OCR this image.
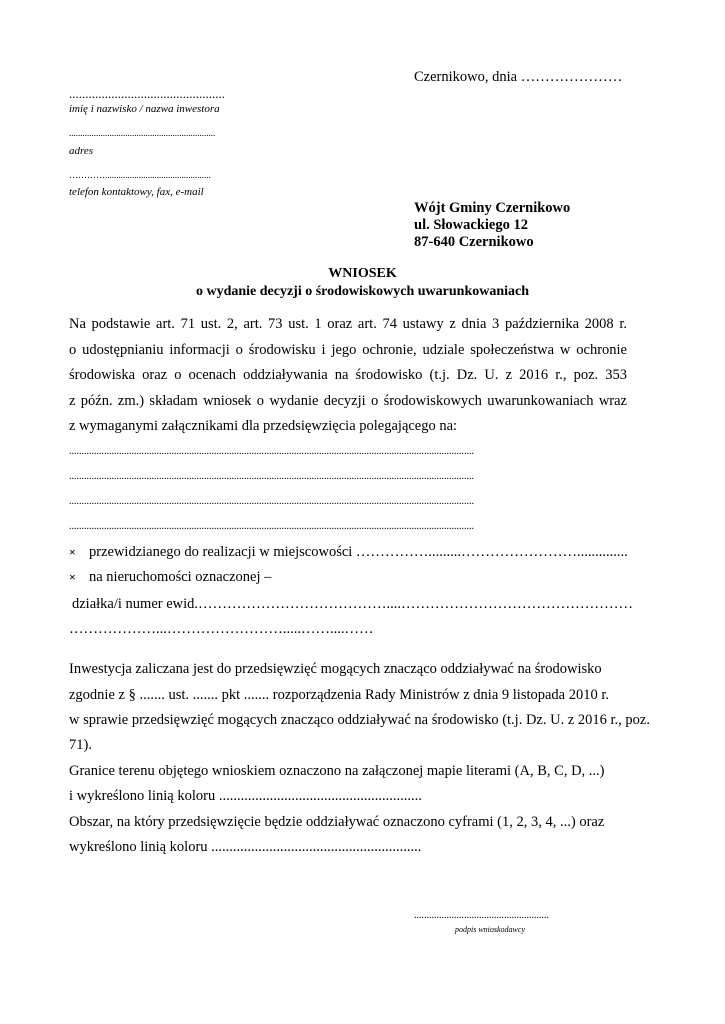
Czernikowo, dnia …………………
................................................
imię i nazwisko / nazwa inwestora
.................................................................
adres
…………...............................................
telefon kontaktowy, fax, e-mail
Wójt Gminy Czernikowo
ul. Słowackiego 12
87-640 Czernikowo
WNIOSEK
o wydanie decyzji o środowiskowych uwarunkowaniach
Na podstawie art. 71 ust. 2, art. 73 ust. 1 oraz art. 74 ustawy z dnia 3 października 2008 r.
o udostępnianiu informacji o środowisku i jego ochronie, udziale społeczeństwa w ochronie
środowiska oraz o ocenach oddziaływania na środowisko (t.j. Dz. U. z 2016 r., poz. 353
z późn. zm.) składam wniosek o wydanie decyzji o środowiskowych uwarunkowaniach wraz
z wymaganymi załącznikami dla przedsięwzięcia polegającego na:
..................................................................................................................................................................
..................................................................................................................................................................
..................................................................................................................................................................
..................................................................................................................................................................
× przewidzianego do realizacji w miejscowości …………….........……………………..............
× na nieruchomości oznaczonej –
działka/i numer ewid.…………………………………....…………………………………………
………………...…………………….....……....……
Inwestycja zaliczana jest do przedsięwzięć mogących znacząco oddziaływać na środowisko
zgodnie z § ....... ust. ....... pkt ....... rozporządzenia Rady Ministrów z dnia 9 listopada 2010 r.
w sprawie przedsięwzięć mogących znacząco oddziaływać na środowisko (t.j. Dz. U. z 2016 r., poz.
71).
Granice terenu objętego wnioskiem oznaczono na załączonej mapie literami (A, B, C, D, ...)
i wykreślono linią koloru ........................................................
Obszar, na który przedsięwzięcie będzie oddziaływać oznaczono cyframi (1, 2, 3, 4, ...) oraz
wykreślono linią koloru ..........................................................
......................................................
podpis wnioskodawcy
